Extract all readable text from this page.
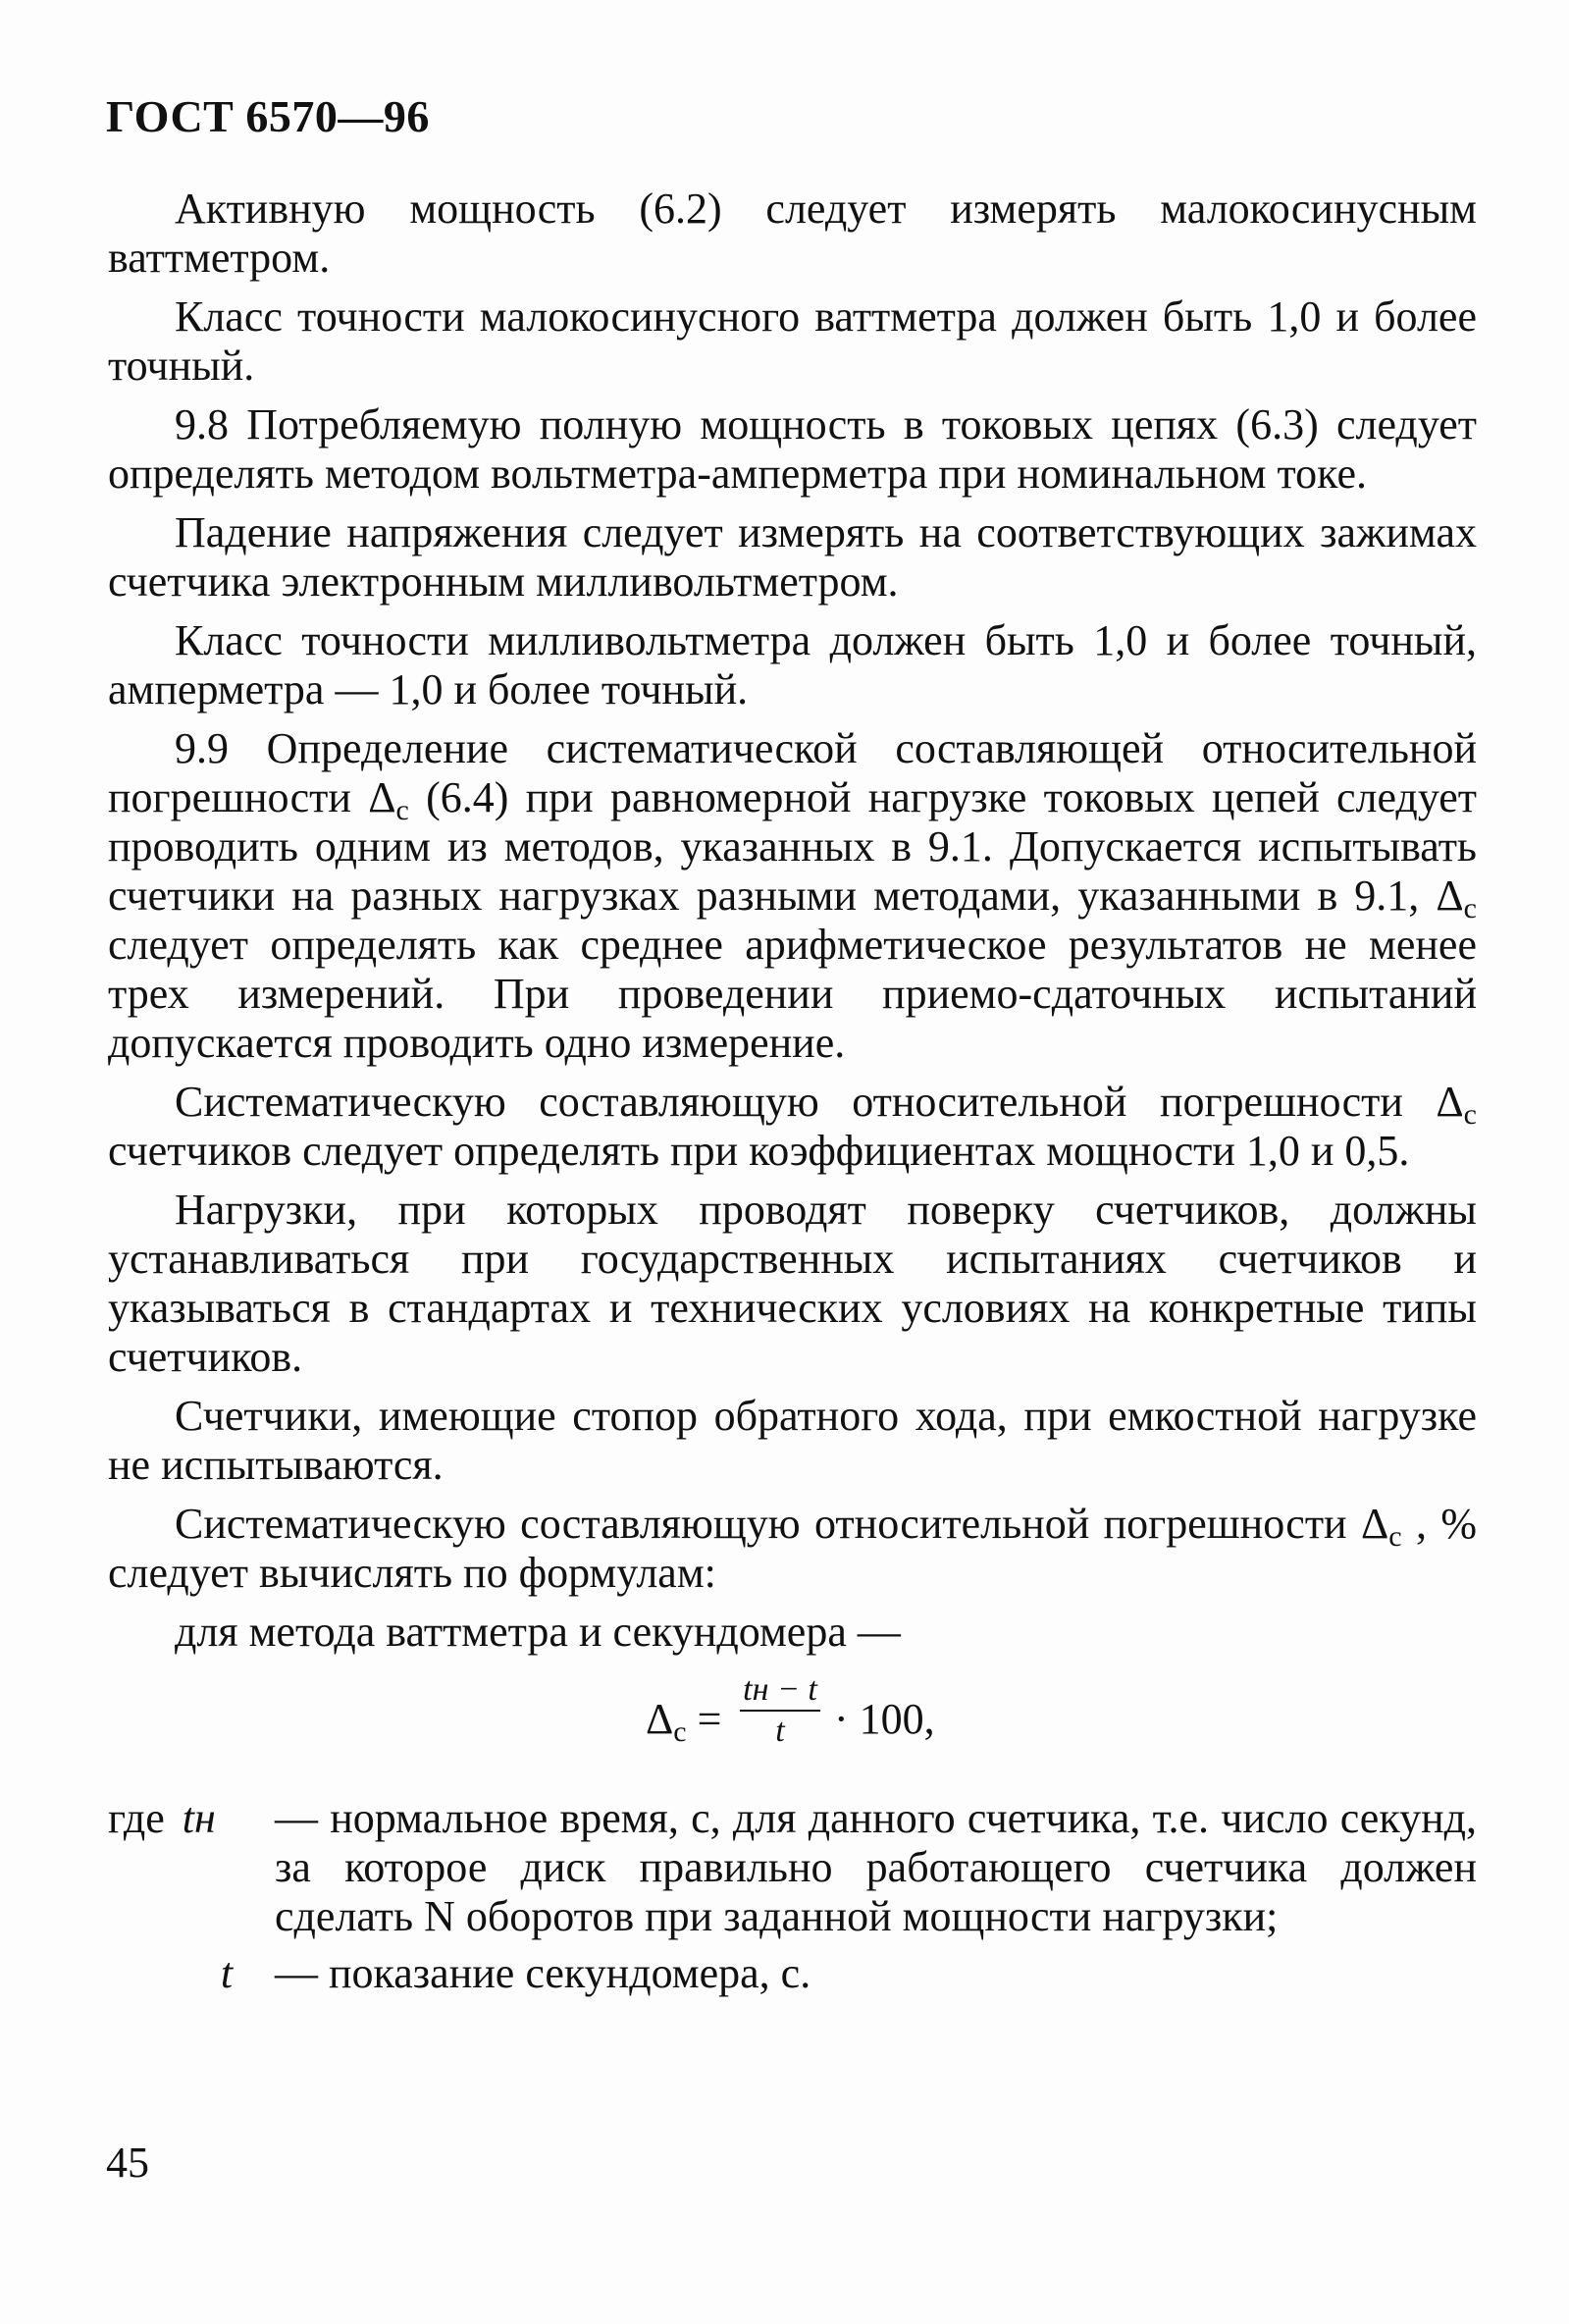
ГОСТ 6570—96

Активную мощность (6.2) следует измерять малокосинусным ваттметром.

Класс точности малокосинусного ваттметра должен быть 1,0 и более точный.

9.8 Потребляемую полную мощность в токовых цепях (6.3) следует определять методом вольтметра-амперметра при номинальном токе.

Падение напряжения следует измерять на соответствующих зажимах счетчика электронным милливольтметром.

Класс точности милливольтметра должен быть 1,0 и более точный, амперметра — 1,0 и более точный.

9.9 Определение систематической составляющей относительной погрешности $\Delta_c$ (6.4) при равномерной нагрузке токовых цепей следует проводить одним из методов, указанных в 9.1. Допускается испытывать счетчики на разных нагрузках разными методами, указанными в 9.1, $\Delta_c$ следует определять как среднее арифметическое результатов не менее трех измерений. При проведении приемо-сдаточных испытаний допускается проводить одно измерение.

Систематическую составляющую относительной погрешности $\Delta_c$ счетчиков следует определять при коэффициентах мощности 1,0 и 0,5.

Нагрузки, при которых проводят поверку счетчиков, должны устанавливаться при государственных испытаниях счетчиков и указываться в стандартах и технических условиях на конкретные типы счетчиков.

Счетчики, имеющие стопор обратного хода, при емкостной нагрузке не испытываются.

Систематическую составляющую относительной погрешности $\Delta_c$ , % следует вычислять по формулам:

для метода ваттметра и секундомера —

$\Delta_c$ =
tн − t
t	· 100,
где tн	— нормальное время, с, для данного счетчика, т.е. число секунд, за которое диск правильно работающего счетчика должен сделать N оборотов при заданной мощности нагрузки;
t — показание секундомера, с.
45
